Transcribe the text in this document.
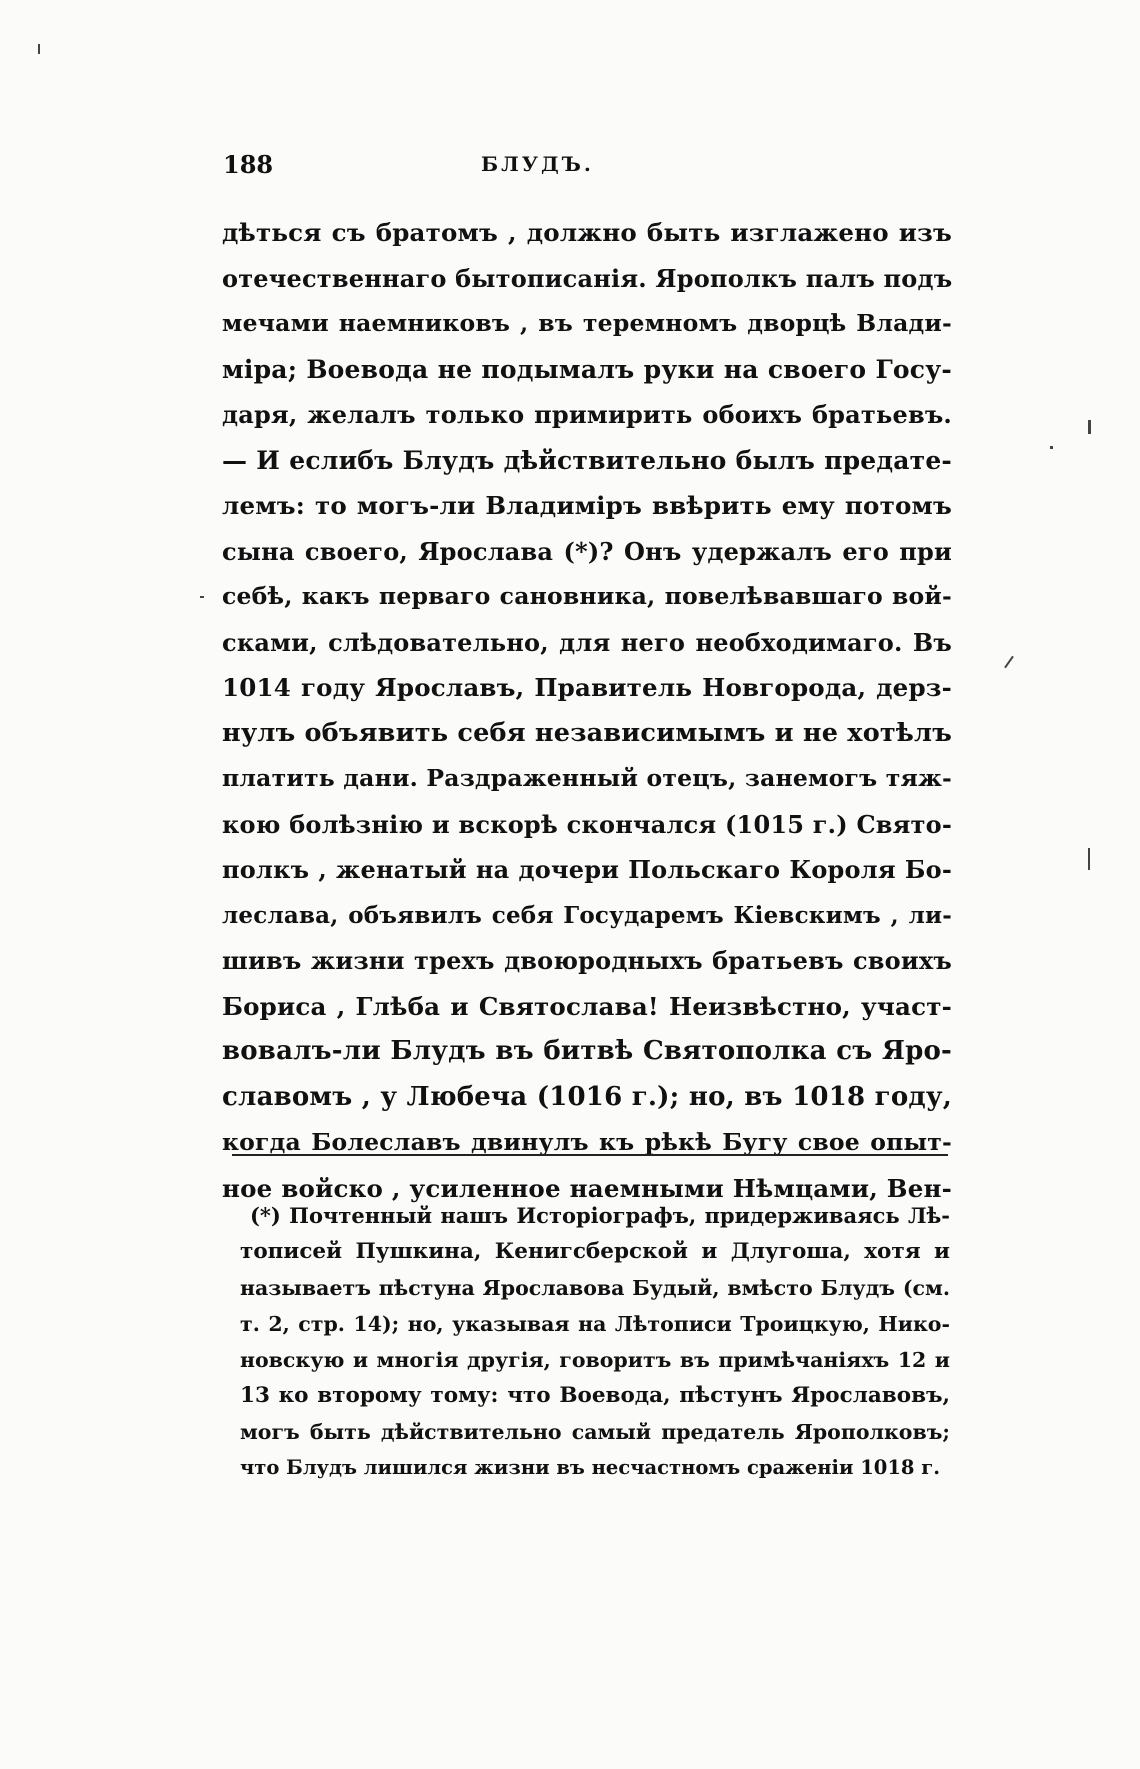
188	БЛУДЪ.
дѣться съ братомъ , должно быть изглажено изъ
отечественнаго бытописанія. Ярополкъ палъ подъ
мечами наемниковъ , въ теремномъ дворцѣ Влади-
міра; Воевода не подымалъ руки на своего Госу-
даря, желалъ только примирить обоихъ братьевъ.
— И еслибъ Блудъ дѣйствительно былъ предате-
лемъ: то могъ-ли Владиміръ ввѣрить ему потомъ
сына своего, Ярослава (*)? Онъ удержалъ его при
себѣ, какъ перваго сановника, повелѣвавшаго вой-
сками, слѣдовательно, для него необходимаго. Въ
1014 году Ярославъ, Правитель Новгорода, дерз-
нулъ объявить себя независимымъ и не хотѣлъ
платить дани. Раздраженный отецъ, занемогъ тяж-
кою болѣзнію и вскорѣ скончался (1015 г.) Свято-
полкъ , женатый на дочери Польскаго Короля Бо-
леслава, объявилъ себя Государемъ Кіевскимъ , ли-
шивъ жизни трехъ двоюродныхъ братьевъ своихъ
Бориса , Глѣба и Святослава! Неизвѣстно, участ-
вовалъ-ли Блудъ въ битвѣ Святополка съ Яро-
славомъ , у Любеча (1016 г.); но, въ 1018 году,
когда Болеславъ двинулъ къ рѣкѣ Бугу свое опыт-
ное войско , усиленное наемными Нѣмцами, Вен-
(*) Почтенный нашъ Исторіографъ, придерживаясь Лѣ-
тописей Пушкина, Кенигсберской и Длугоша, хотя и
называетъ пѣстуна Ярославова Будый, вмѣсто Блудъ (см.
т. 2, стр. 14); но, указывая на Лѣтописи Троицкую, Нико-
новскую и многія другія, говоритъ въ примѣчаніяхъ 12 и
13 ко второму тому: что Воевода, пѣстунъ Ярославовъ,
могъ быть дѣйствительно самый предатель Ярополковъ;
что Блудъ лишился жизни въ несчастномъ сраженіи 1018 г.
